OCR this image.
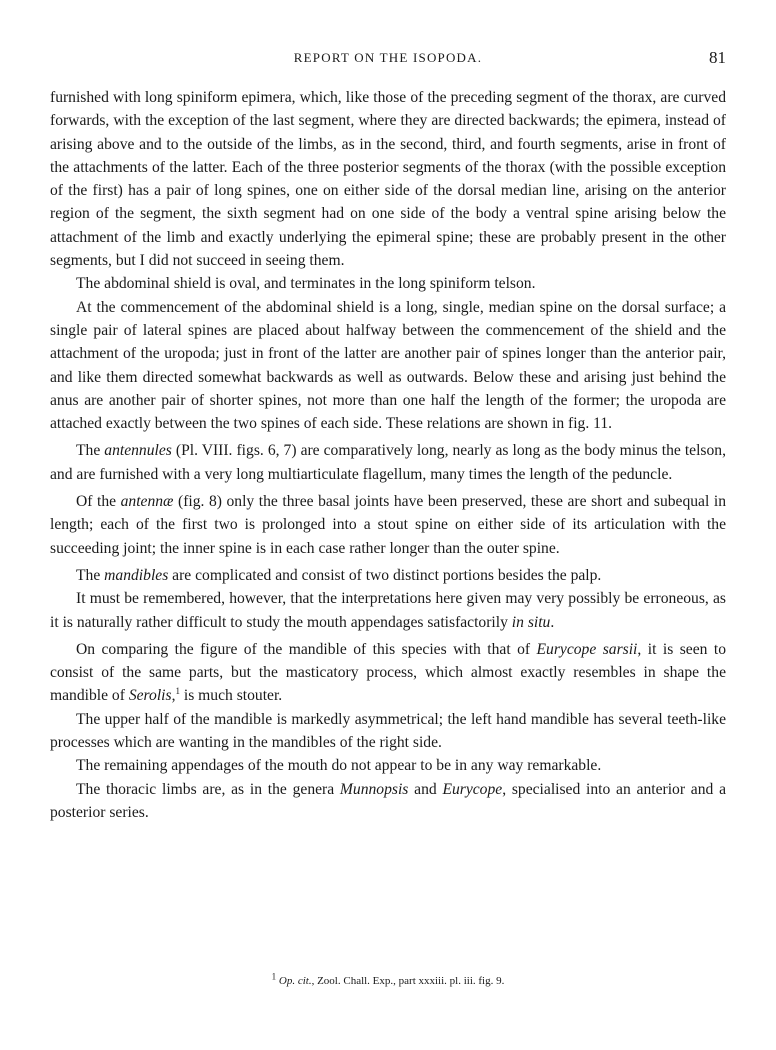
REPORT ON THE ISOPODA.	81

furnished with long spiniform epimera, which, like those of the preceding segment of the thorax, are curved forwards, with the exception of the last segment, where they are directed backwards; the epimera, instead of arising above and to the outside of the limbs, as in the second, third, and fourth segments, arise in front of the attachments of the latter. Each of the three posterior segments of the thorax (with the possible exception of the first) has a pair of long spines, one on either side of the dorsal median line, arising on the anterior region of the segment, the sixth segment had on one side of the body a ventral spine arising below the attachment of the limb and exactly underlying the epimeral spine; these are probably present in the other segments, but I did not succeed in seeing them.

The abdominal shield is oval, and terminates in the long spiniform telson.

At the commencement of the abdominal shield is a long, single, median spine on the dorsal surface; a single pair of lateral spines are placed about halfway between the commencement of the shield and the attachment of the uropoda; just in front of the latter are another pair of spines longer than the anterior pair, and like them directed somewhat backwards as well as outwards. Below these and arising just behind the anus are another pair of shorter spines, not more than one half the length of the former; the uropoda are attached exactly between the two spines of each side. These relations are shown in fig. 11.

The antennules (Pl. VIII. figs. 6, 7) are comparatively long, nearly as long as the body minus the telson, and are furnished with a very long multiarticulate flagellum, many times the length of the peduncle.

Of the antennæ (fig. 8) only the three basal joints have been preserved, these are short and subequal in length; each of the first two is prolonged into a stout spine on either side of its articulation with the succeeding joint; the inner spine is in each case rather longer than the outer spine.

The mandibles are complicated and consist of two distinct portions besides the palp.

It must be remembered, however, that the interpretations here given may very possibly be erroneous, as it is naturally rather difficult to study the mouth appendages satisfactorily in situ.

On comparing the figure of the mandible of this species with that of Eurycope sarsii, it is seen to consist of the same parts, but the masticatory process, which almost exactly resembles in shape the mandible of Serolis,$^1$ is much stouter.

The upper half of the mandible is markedly asymmetrical; the left hand mandible has several teeth-like processes which are wanting in the mandibles of the right side.

The remaining appendages of the mouth do not appear to be in any way remarkable.

The thoracic limbs are, as in the genera Munnopsis and Eurycope, specialised into an anterior and a posterior series.

$^1$ Op. cit., Zool. Chall. Exp., part xxxiii. pl. iii. fig. 9.
